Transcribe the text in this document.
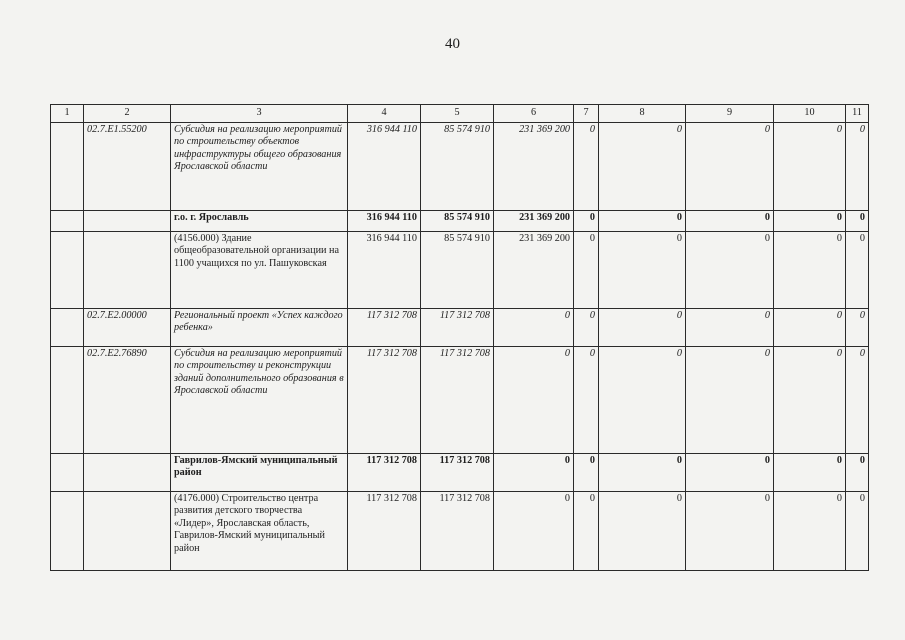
40
1	2	3	4	5	6	7	8	9	10	11
	02.7.E1.55200	Субсидия на реализацию мероприятий по строительству объектов инфраструктуры общего образования Ярославской области	316 944 110	85 574 910	231 369 200	0	0	0	0	0
		г.о. г. Ярославль	316 944 110	85 574 910	231 369 200	0	0	0	0	0
		(4156.000) Здание общеобразовательной организации на 1100 учащихся по ул. Пашуковская	316 944 110	85 574 910	231 369 200	0	0	0	0	0
	02.7.E2.00000	Региональный проект «Успех каждого ребенка»	117 312 708	117 312 708	0	0	0	0	0	0
	02.7.E2.76890	Субсидия на реализацию мероприятий по строительству и реконструкции зданий дополнительного образования в Ярославской области	117 312 708	117 312 708	0	0	0	0	0	0
		Гаврилов-Ямский муниципальный район	117 312 708	117 312 708	0	0	0	0	0	0
		(4176.000) Строительство центра развития детского творчества «Лидер», Ярославская область, Гаврилов-Ямский муниципальный район	117 312 708	117 312 708	0	0	0	0	0	0
